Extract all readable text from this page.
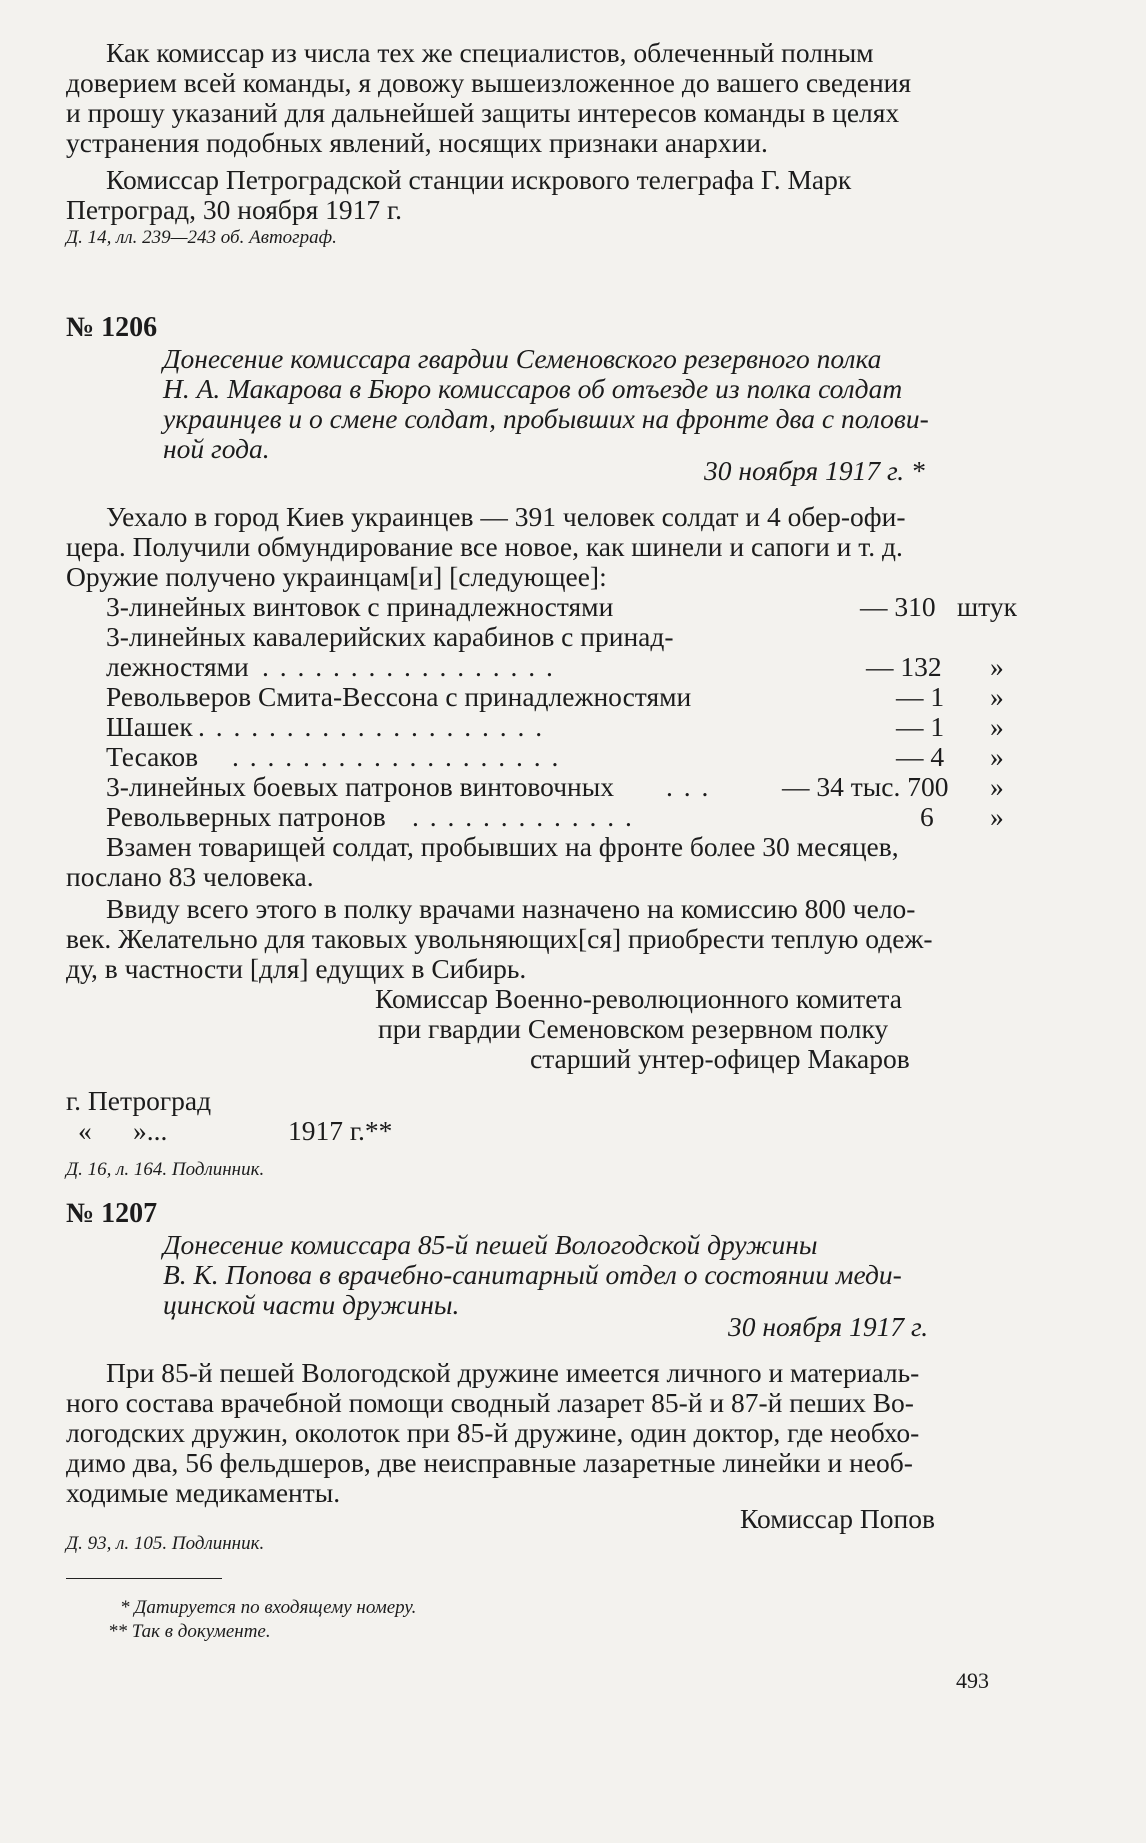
Как комиссар из числа тех же специалистов, облеченный полным
доверием всей команды, я довожу вышеизложенное до вашего сведения
и прошу указаний для дальнейшей защиты интересов команды в целях
устранения подобных явлений, носящих признаки анархии.
Комиссар Петроградской станции искрового телеграфа Г. Марк
Петроград, 30 ноября 1917 г.
Д. 14, лл. 239—243 об. Автограф.
№ 1206
Донесение комиссара гвардии Семеновского резервного полка
Н. А. Макарова в Бюро комиссаров об отъезде из полка солдат
украинцев и о смене солдат, пробывших на фронте два с полови-
ной года.
30 ноября 1917 г. *
Уехало в город Киев украинцев — 391 человек солдат и 4 обер-офи-
цера. Получили обмундирование все новое, как шинели и сапоги и т. д.
Оружие получено украинцам[и] [следующее]:
3-линейных винтовок с принадлежностями	— 310 штук
3-линейных кавалерийских карабинов с принад-
лежностями . . . . . . . . . . . . . . . . .	— 132 »
Револьверов Смита-Вессона с принадлежностями	— 1 »
Шашек . . . . . . . . . . . . . . . . . . . .	— 1 »
Тесаков . . . . . . . . . . . . . . . . . . .	— 4 »
3-линейных боевых патронов винтовочных . . .	— 34 тыс. 700 »
Револьверных патронов . . . . . . . . . . . . .	6 »
Взамен товарищей солдат, пробывших на фронте более 30 месяцев,
послано 83 человека.
Ввиду всего этого в полку врачами назначено на комиссию 800 чело-
век. Желательно для таковых увольняющих[ся] приобрести теплую одеж-
ду, в частности [для] едущих в Сибирь.
Комиссар Военно-революционного комитета
при гвардии Семеновском резервном полку
старший унтер-офицер Макаров
г. Петроград
«      »...	1917 г.**
Д. 16, л. 164. Подлинник.
№ 1207
Донесение комиссара 85-й пешей Вологодской дружины
В. К. Попова в врачебно-санитарный отдел о состоянии меди-
цинской части дружины.
30 ноября 1917 г.
При 85-й пешей Вологодской дружине имеется личного и материаль-
ного состава врачебной помощи сводный лазарет 85-й и 87-й пеших Во-
логодских дружин, околоток при 85-й дружине, один доктор, где необхо-
димо два, 56 фельдшеров, две неисправные лазаретные линейки и необ-
ходимые медикаменты.
Комиссар Попов
Д. 93, л. 105. Подлинник.
* Датируется по входящему номеру.
** Так в документе.
493
